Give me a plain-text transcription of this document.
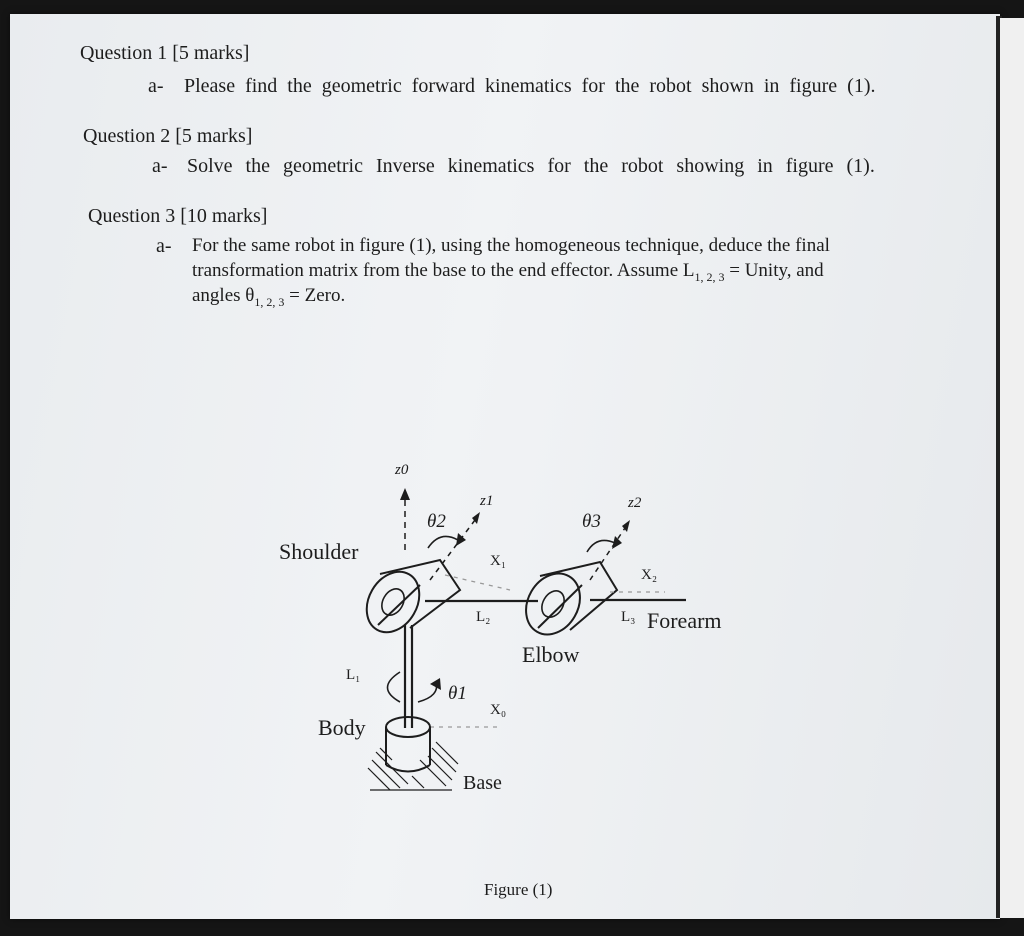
Question 1 [5 marks]
a- Please find the geometric forward kinematics for the robot shown in figure (1).
Question 2 [5 marks]
a- Solve the geometric Inverse kinematics for the robot showing in figure (1).
Question 3 [10 marks]
a- For the same robot in figure (1), using the homogeneous technique, deduce the final
transformation matrix from the base to the end effector. Assume $L_{1, 2, 3}$ = Unity, and
angles $\theta_{1, 2, 3}$ = Zero.
Shoulder
Forearm
Elbow
Body
Base
z0
z1	z2
X₁
X₂
X₀
L₂	L₃
L₁
θ2	θ3
θ1
Figure (1)
